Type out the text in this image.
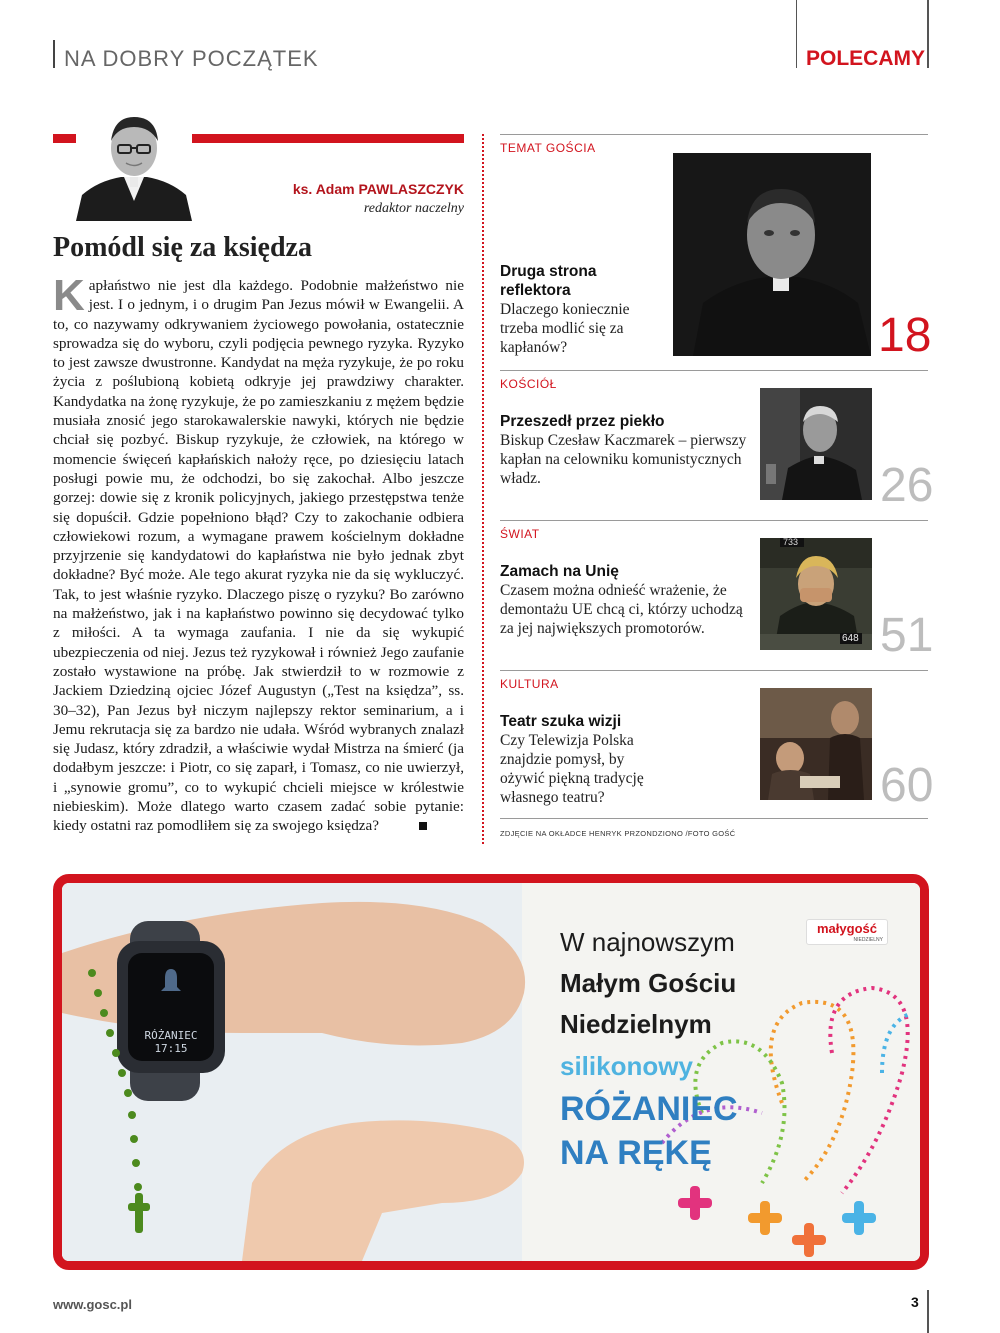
NA DOBRY POCZĄTEK	POLECAMY
ks. Adam PAWLASZCZYK
redaktor naczelny
Pomódl się za księdza
Kapłaństwo nie jest dla każdego. Podobnie małżeństwo nie jest. I o jednym, i o drugim Pan Jezus mówił w Ewangelii. A to, co nazywamy odkrywaniem życiowego powołania, ostatecznie sprowadza się do wyboru, czyli podjęcia pewnego ryzyka. Ryzyko to jest zawsze dwustronne. Kandydat na męża ryzykuje, że po roku życia z poślubioną kobietą odkryje jej prawdziwy charakter. Kandydatka na żonę ryzykuje, że po zamieszkaniu z mężem będzie musiała znosić jego starokawalerskie nawyki, których nie będzie chciał się pozbyć. Biskup ryzykuje, że człowiek, na którego w momencie święceń kapłańskich nałoży ręce, po dziesięciu latach posługi powie mu, że odchodzi, bo się zakochał. Albo jeszcze gorzej: dowie się z kronik policyjnych, jakiego przestępstwa tenże się dopuścił. Gdzie popełniono błąd? Czy to zakochanie odbiera człowiekowi rozum, a wymagane prawem kościelnym dokładne przyjrzenie się kandydatowi do kapłaństwa nie było jednak zbyt dokładne? Być może. Ale tego akurat ryzyka nie da się wykluczyć. Tak, to jest właśnie ryzyko. Dlaczego piszę o ryzyku? Bo zarówno na małżeństwo, jak i na kapłaństwo powinno się decydować tylko z miłości. A ta wymaga zaufania. I nie da się wykupić ubezpieczenia od niej. Jezus też ryzykował i również Jego zaufanie zostało wystawione na próbę. Jak stwierdził to w rozmowie z Jackiem Dziedziną ojciec Józef Augustyn („Test na księdza”, ss. 30–32), Pan Jezus był niczym najlepszy rektor seminarium, a i Jemu rekrutacja się za bardzo nie udała. Wśród wybranych znalazł się Judasz, który zdradził, a właściwie wydał Mistrza na śmierć (ja dodałbym jeszcze: i Piotr, co się zaparł, i Tomasz, co nie uwierzył, i „synowie gromu”, co to wykupić chcieli miejsce w królestwie niebieskim). Może dlatego warto czasem zadać sobie pytanie: kiedy ostatni raz pomodliłem się za swojego księdza?
TEMAT GOŚCIA
Druga strona reflektora
Dlaczego koniecznie trzeba modlić się za kapłanów?	18
KOŚCIÓŁ
Przeszedł przez piekło
Biskup Czesław Kaczmarek – pierwszy kapłan na celowniku komunistycznych władz.	26
ŚWIAT
733
648
Zamach na Unię
Czasem można odnieść wrażenie, że demontażu UE chcą ci, którzy uchodzą za jej największych promotorów.	51
KULTURA
Teatr szuka wizji
Czy Telewizja Polska znajdzie pomysł, by ożywić piękną tradycję własnego teatru?	60
ZDJĘCIE NA OKŁADCE HENRYK PRZONDZIONO /FOTO GOŚĆ
RÓŻANIEC
17:15
małygość
NIEDZIELNY
W najnowszym
Małym Gościu
Niedzielnym
silikonowy
RÓŻANIEC
NA RĘKĘ
www.gosc.pl	3
